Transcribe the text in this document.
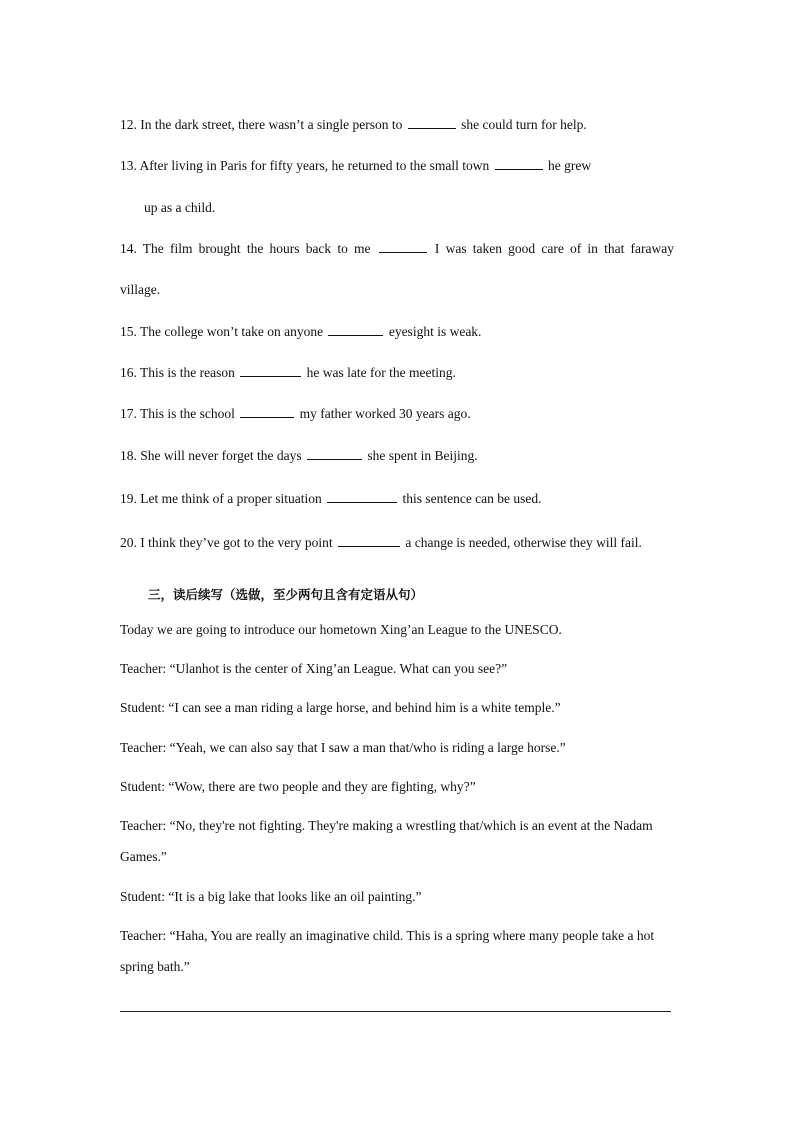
12. In the dark street, there wasn’t a single person to	she could turn for help.
13. After living in Paris for fifty years, he returned to the small town	he grew
up as a child.
14. The film brought the hours back to me	I was taken good care of in that faraway
village.
15. The college won’t take on anyone	eyesight is weak.
16. This is the reason	he was late for the meeting.
17. This is the school	my father worked 30 years ago.
18. She will never forget the days	she spent in Beijing.
19. Let me think of a proper situation	this sentence can be used.
20. I think they’ve got to the very point	a change is needed, otherwise they will fail.
三，读后续写（选做，至少两句且含有定语从句）
Today we are going to introduce our hometown Xing’an League to the UNESCO.
Teacher: “Ulanhot is the center of Xing’an League. What can you see?”
Student: “I can see a man riding a large horse, and behind him is a white temple.”
Teacher: “Yeah, we can also say that I saw a man that/who is riding a large horse.”
Student: “Wow, there are two people and they are fighting, why?”
Teacher: “No, they're not fighting. They're making a wrestling that/which is an event at the Nadam
Games.”
Student: “It is a big lake that looks like an oil painting.”
Teacher: “Haha, You are really an imaginative child. This is a spring where many people take a hot
spring bath.”
